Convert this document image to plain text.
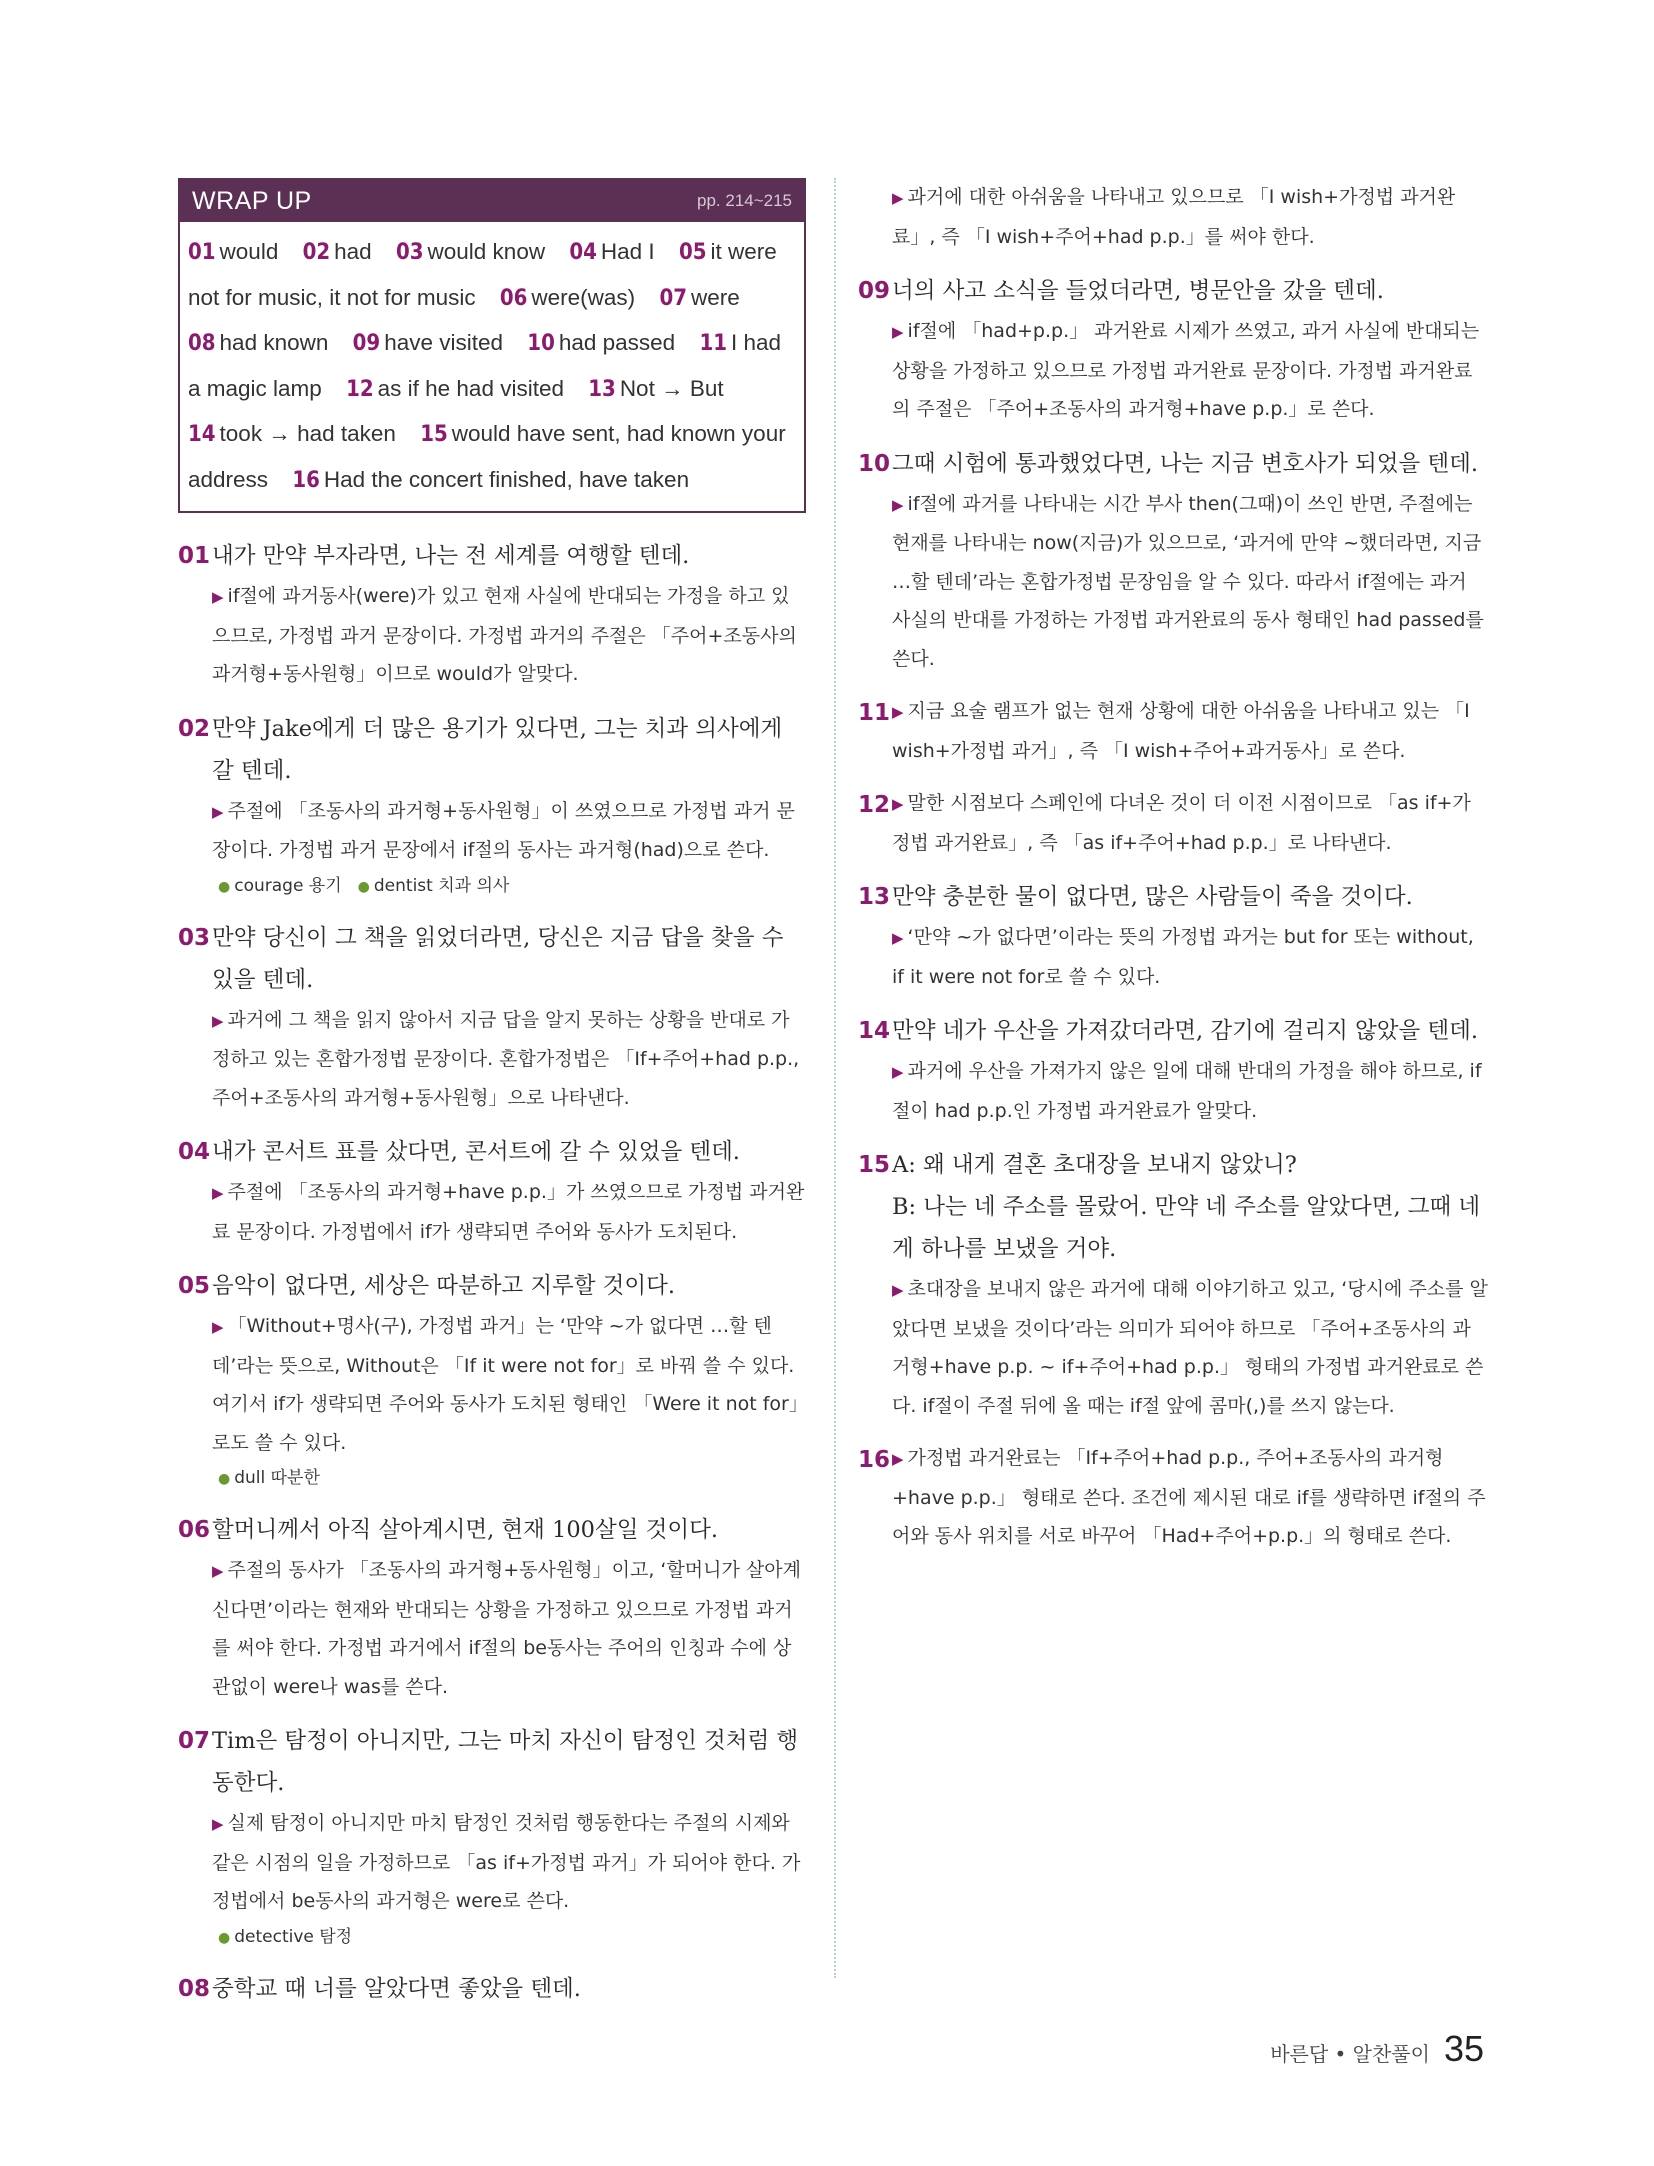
WRAP UP	pp. 214~215
01 would 02 had 03 would know 04 Had I 05 it were not for music, it not for music 06 were(was) 07 were 08 had known 09 have visited 10 had passed 11 I had a magic lamp 12 as if he had visited 13 Not → But 14 took → had taken 15 would have sent, had known your address 16 Had the concert finished, have taken
01 내가 만약 부자라면, 나는 전 세계를 여행할 텐데.
▶ if절에 과거동사(were)가 있고 현재 사실에 반대되는 가정을 하고 있으므로, 가정법 과거 문장이다. 가정법 과거의 주절은 「주어+조동사의 과거형+동사원형」이므로 would가 알맞다.
02 만약 Jake에게 더 많은 용기가 있다면, 그는 치과 의사에게 갈 텐데.
▶ 주절에 「조동사의 과거형+동사원형」이 쓰였으므로 가정법 과거 문장이다. 가정법 과거 문장에서 if절의 동사는 과거형(had)으로 쓴다.
● courage 용기 ● dentist 치과 의사
03 만약 당신이 그 책을 읽었더라면, 당신은 지금 답을 찾을 수 있을 텐데.
▶ 과거에 그 책을 읽지 않아서 지금 답을 알지 못하는 상황을 반대로 가정하고 있는 혼합가정법 문장이다. 혼합가정법은 「If+주어+had p.p., 주어+조동사의 과거형+동사원형」으로 나타낸다.
04 내가 콘서트 표를 샀다면, 콘서트에 갈 수 있었을 텐데.
▶ 주절에 「조동사의 과거형+have p.p.」가 쓰였으므로 가정법 과거완료 문장이다. 가정법에서 if가 생략되면 주어와 동사가 도치된다.
05 음악이 없다면, 세상은 따분하고 지루할 것이다.
▶ 「Without+명사(구), 가정법 과거」는 ‘만약 ~가 없다면 …할 텐데’라는 뜻으로, Without은 「If it were not for」로 바꿔 쓸 수 있다. 여기서 if가 생략되면 주어와 동사가 도치된 형태인 「Were it not for」로도 쓸 수 있다.
● dull 따분한
06 할머니께서 아직 살아계시면, 현재 100살일 것이다.
▶ 주절의 동사가 「조동사의 과거형+동사원형」이고, ‘할머니가 살아계신다면’이라는 현재와 반대되는 상황을 가정하고 있으므로 가정법 과거를 써야 한다. 가정법 과거에서 if절의 be동사는 주어의 인칭과 수에 상관없이 were나 was를 쓴다.
07 Tim은 탐정이 아니지만, 그는 마치 자신이 탐정인 것처럼 행동한다.
▶ 실제 탐정이 아니지만 마치 탐정인 것처럼 행동한다는 주절의 시제와 같은 시점의 일을 가정하므로 「as if+가정법 과거」가 되어야 한다. 가정법에서 be동사의 과거형은 were로 쓴다.
● detective 탐정
08 중학교 때 너를 알았다면 좋았을 텐데.
▶ 과거에 대한 아쉬움을 나타내고 있으므로 「I wish+가정법 과거완료」, 즉 「I wish+주어+had p.p.」를 써야 한다.
09 너의 사고 소식을 들었더라면, 병문안을 갔을 텐데.
▶ if절에 「had+p.p.」 과거완료 시제가 쓰였고, 과거 사실에 반대되는 상황을 가정하고 있으므로 가정법 과거완료 문장이다. 가정법 과거완료의 주절은 「주어+조동사의 과거형+have p.p.」로 쓴다.
10 그때 시험에 통과했었다면, 나는 지금 변호사가 되었을 텐데.
▶ if절에 과거를 나타내는 시간 부사 then(그때)이 쓰인 반면, 주절에는 현재를 나타내는 now(지금)가 있으므로, ‘과거에 만약 ~했더라면, 지금 …할 텐데’라는 혼합가정법 문장임을 알 수 있다. 따라서 if절에는 과거 사실의 반대를 가정하는 가정법 과거완료의 동사 형태인 had passed를 쓴다.
11 ▶ 지금 요술 램프가 없는 현재 상황에 대한 아쉬움을 나타내고 있는 「I wish+가정법 과거」, 즉 「I wish+주어+과거동사」로 쓴다.
12 ▶ 말한 시점보다 스페인에 다녀온 것이 더 이전 시점이므로 「as if+가정법 과거완료」, 즉 「as if+주어+had p.p.」로 나타낸다.
13 만약 충분한 물이 없다면, 많은 사람들이 죽을 것이다.
▶ ‘만약 ~가 없다면’이라는 뜻의 가정법 과거는 but for 또는 without, if it were not for로 쓸 수 있다.
14 만약 네가 우산을 가져갔더라면, 감기에 걸리지 않았을 텐데.
▶ 과거에 우산을 가져가지 않은 일에 대해 반대의 가정을 해야 하므로, if절이 had p.p.인 가정법 과거완료가 알맞다.
15 A: 왜 내게 결혼 초대장을 보내지 않았니?
B: 나는 네 주소를 몰랐어. 만약 네 주소를 알았다면, 그때 네게 하나를 보냈을 거야.
▶ 초대장을 보내지 않은 과거에 대해 이야기하고 있고, ‘당시에 주소를 알았다면 보냈을 것이다’라는 의미가 되어야 하므로 「주어+조동사의 과거형+have p.p. ~ if+주어+had p.p.」 형태의 가정법 과거완료로 쓴다. if절이 주절 뒤에 올 때는 if절 앞에 콤마(,)를 쓰지 않는다.
16 ▶ 가정법 과거완료는 「If+주어+had p.p., 주어+조동사의 과거형+have p.p.」 형태로 쓴다. 조건에 제시된 대로 if를 생략하면 if절의 주어와 동사 위치를 서로 바꾸어 「Had+주어+p.p.」의 형태로 쓴다.
바른답 • 알찬풀이 35
